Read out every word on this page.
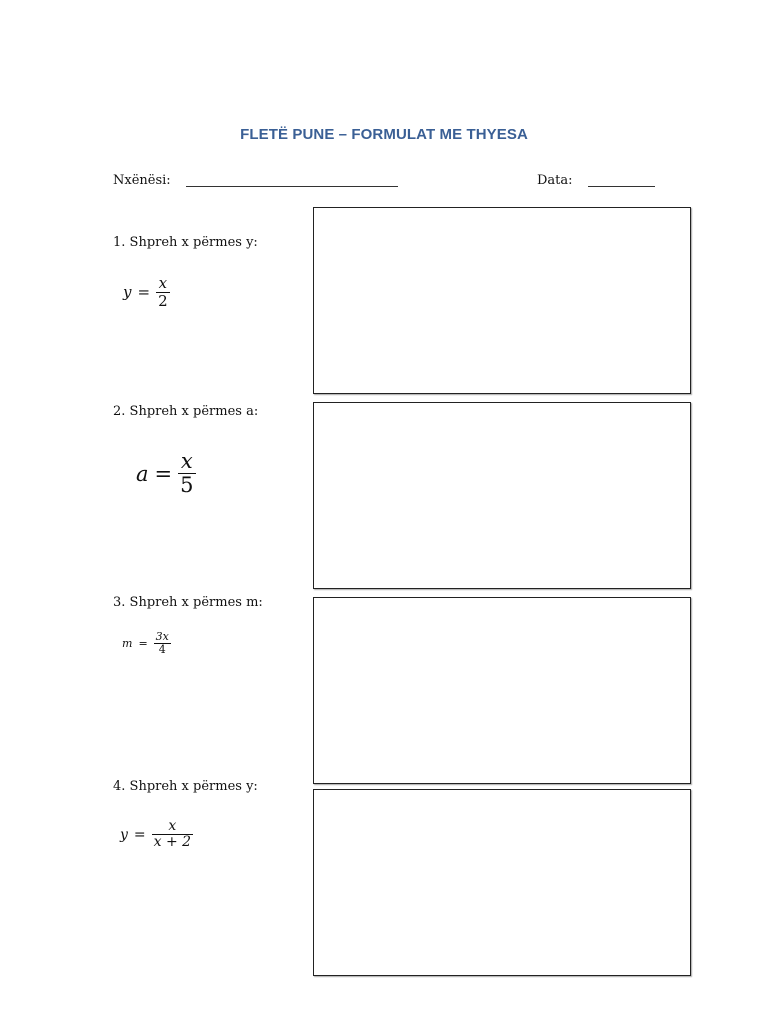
FLETË PUNE – FORMULAT ME THYESA
Nxënësi:	Data:
1. Shpreh x përmes y:
$y = \frac{x}{2}$
2. Shpreh x përmes a:
$a = \frac{x}{5}$
3. Shpreh x përmes m:
$m = \frac{3x}{4}$
4. Shpreh x përmes y:
$y = \frac{x}{x + 2}$
